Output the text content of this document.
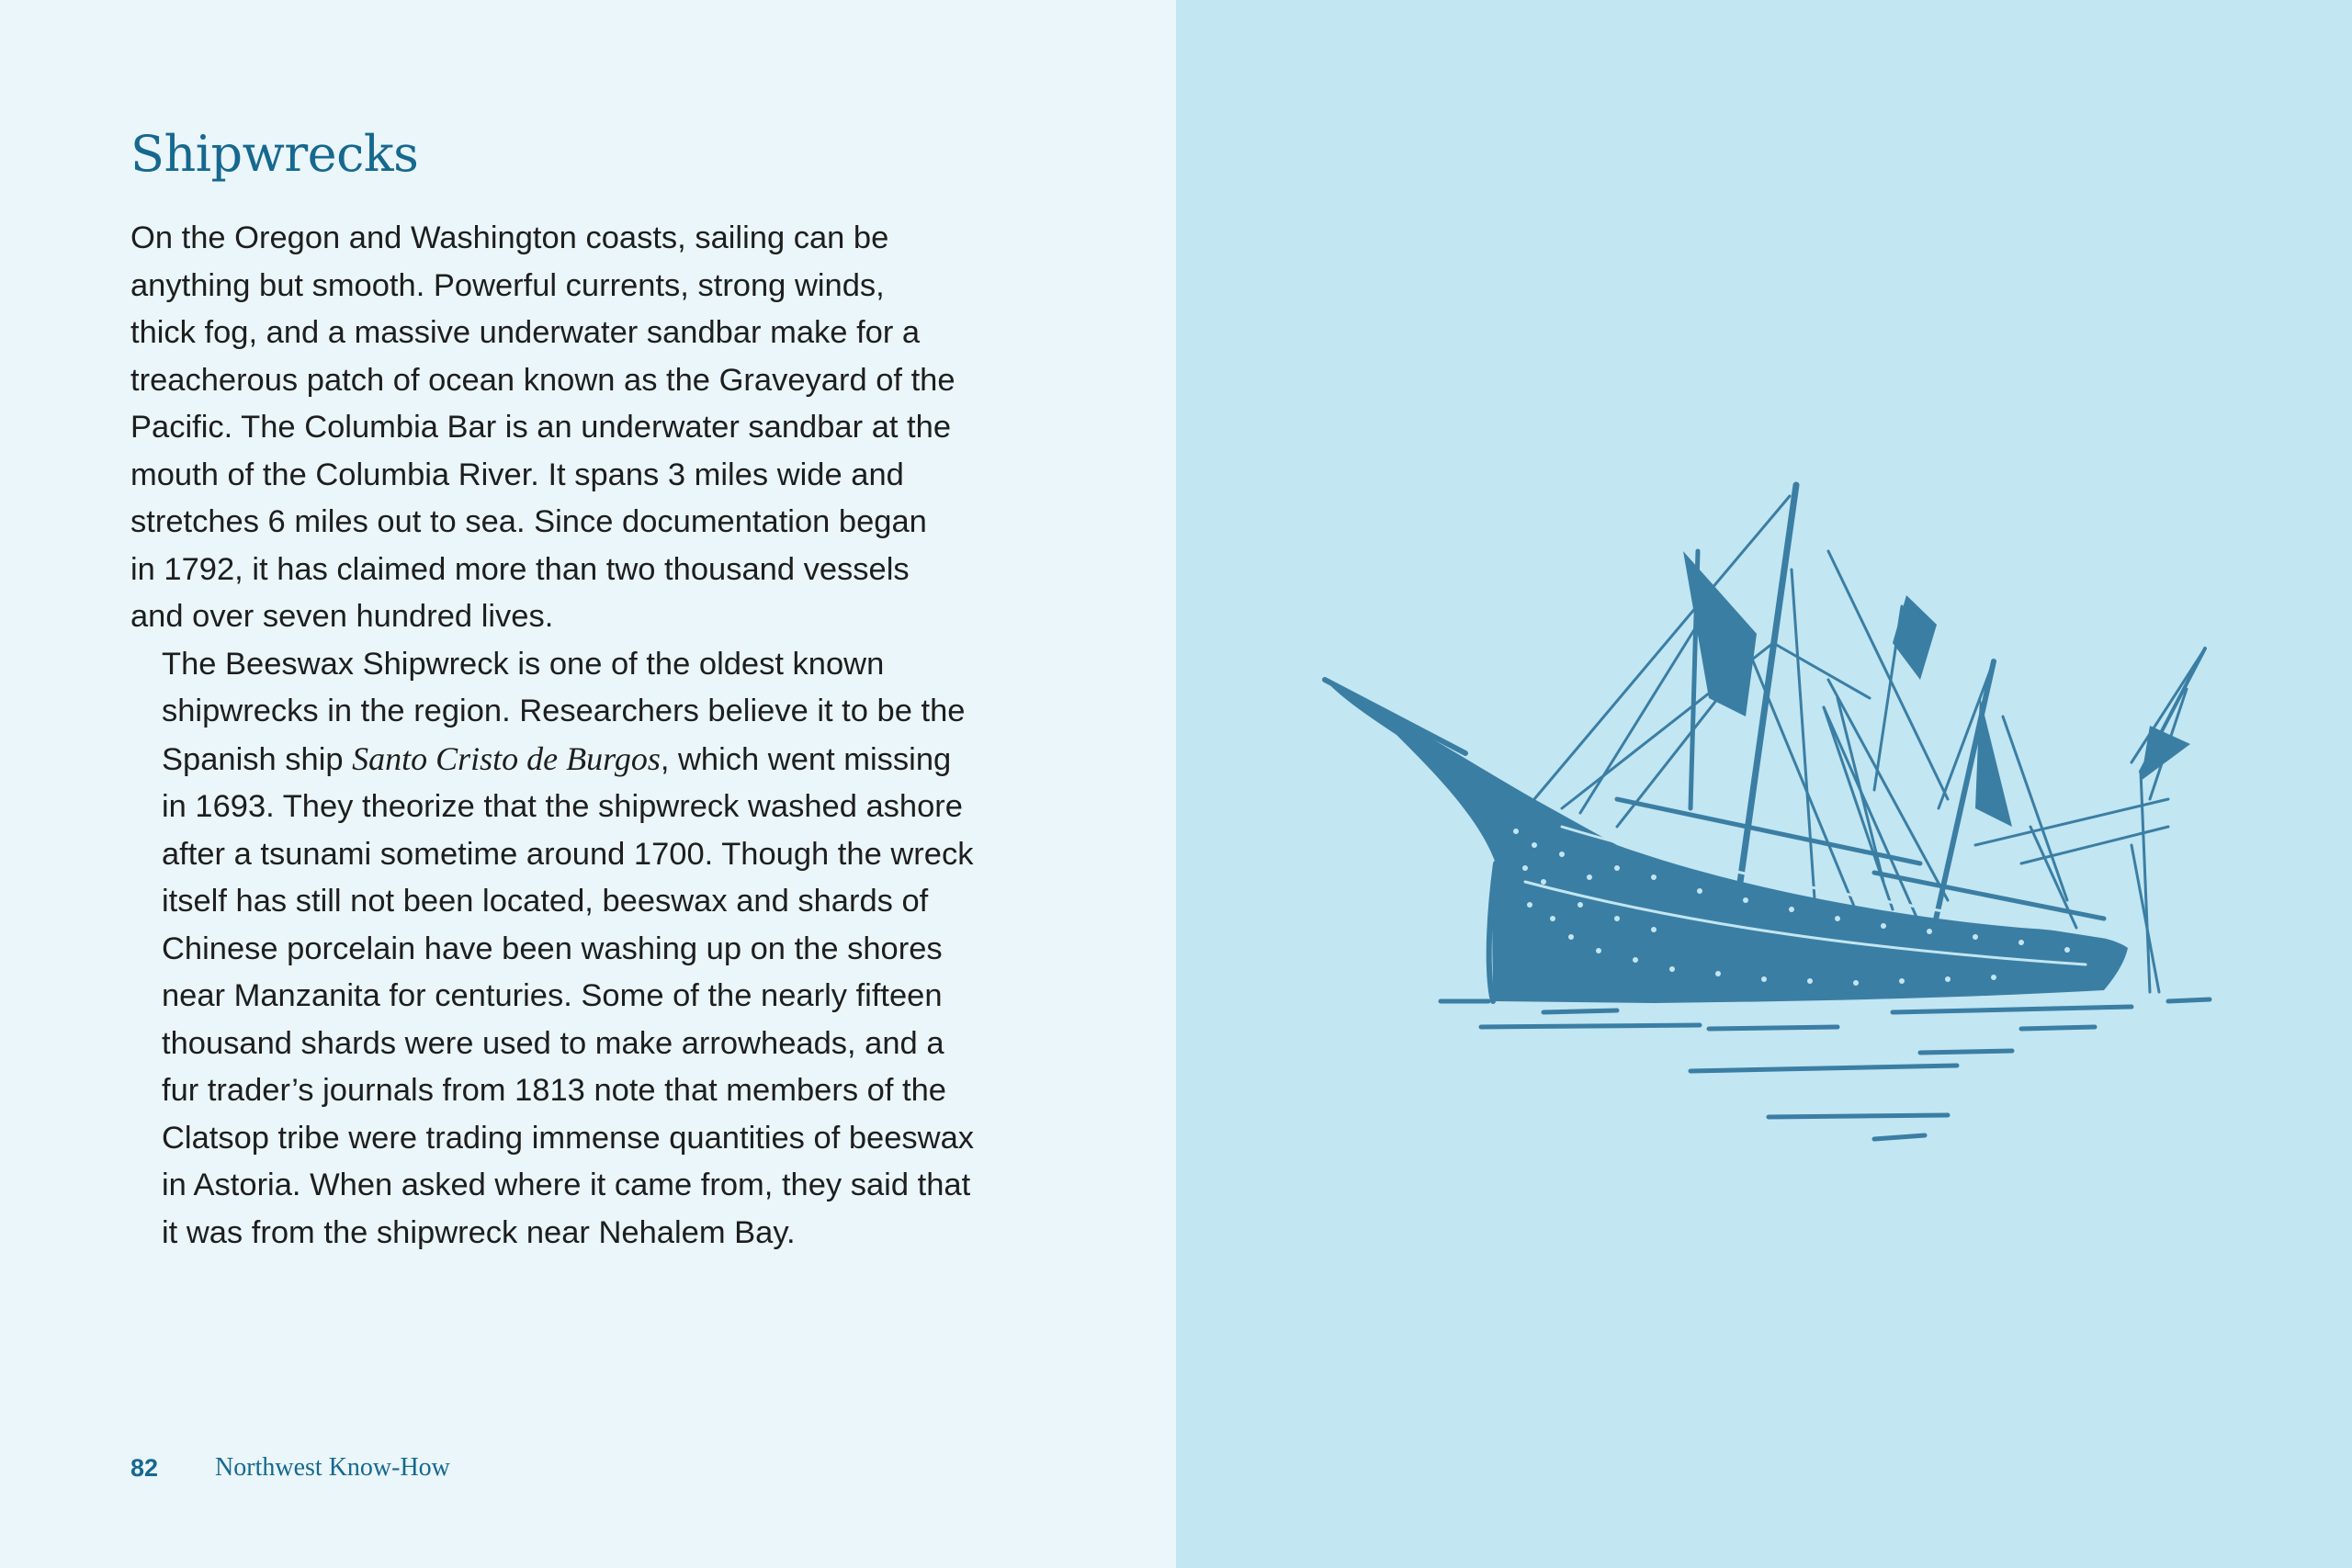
Shipwrecks

On the Oregon and Washington coasts, sailing can be
anything but smooth. Powerful currents, strong winds,
thick fog, and a massive underwater sandbar make for a
treacherous patch of ocean known as the Graveyard of the
Pacific. The Columbia Bar is an underwater sandbar at the
mouth of the Columbia River. It spans 3 miles wide and
stretches 6 miles out to sea. Since documentation began
in 1792, it has claimed more than two thousand vessels
and over seven hundred lives.

The Beeswax Shipwreck is one of the oldest known
shipwrecks in the region. Researchers believe it to be the
Spanish ship Santo Cristo de Burgos, which went missing
in 1693. They theorize that the shipwreck washed ashore
after a tsunami sometime around 1700. Though the wreck
itself has still not been located, beeswax and shards of
Chinese porcelain have been washing up on the shores
near Manzanita for centuries. Some of the nearly fifteen
thousand shards were used to make arrowheads, and a
fur trader’s journals from 1813 note that members of the
Clatsop tribe were trading immense quantities of beeswax
in Astoria. When asked where it came from, they said that
it was from the shipwreck near Nehalem Bay.

82 Northwest Know-How
